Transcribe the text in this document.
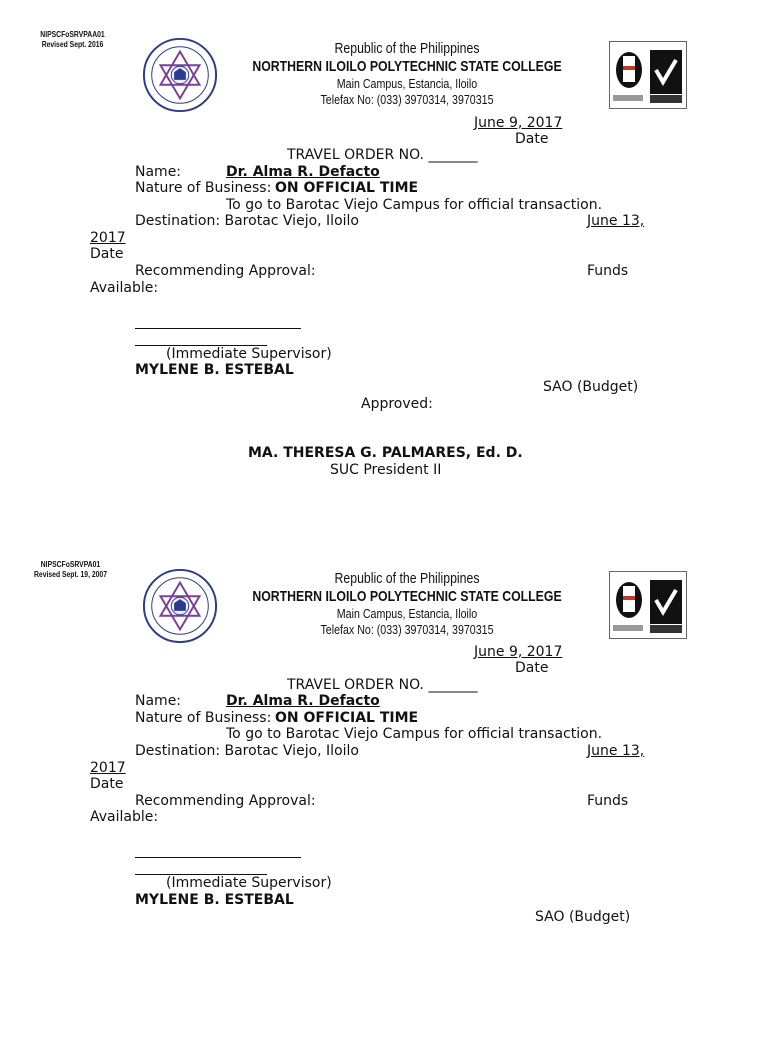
NIPSCFoSRVPAA01
Revised Sept. 2016	Republic of the Philippines
NORTHERN ILOILO POLYTECHNIC STATE COLLEGE
Main Campus, Estancia, Iloilo
Telefax No: (033) 3970314, 3970315
June 9, 2017
Date
TRAVEL ORDER NO. _______
Name:	Dr. Alma R. Defacto
Nature of Business: ON OFFICIAL TIME
To go to Barotac Viejo Campus for official transaction.
Destination: Barotac Viejo, Iloilo	June 13,
2017
Date
Recommending Approval:	Funds
Available:
(Immediate Supervisor)
MYLENE B. ESTEBAL
SAO (Budget)
Approved:
MA. THERESA G. PALMARES, Ed. D.
SUC President II
NIPSCFoSRVPA01
Revised Sept. 19, 2007	Republic of the Philippines
NORTHERN ILOILO POLYTECHNIC STATE COLLEGE
Main Campus, Estancia, Iloilo
Telefax No: (033) 3970314, 3970315
June 9, 2017
Date
TRAVEL ORDER NO. _______
Name:	Dr. Alma R. Defacto
Nature of Business: ON OFFICIAL TIME
To go to Barotac Viejo Campus for official transaction.
Destination: Barotac Viejo, Iloilo	June 13,
2017
Date
Recommending Approval:	Funds
Available:
(Immediate Supervisor)
MYLENE B. ESTEBAL
SAO (Budget)
